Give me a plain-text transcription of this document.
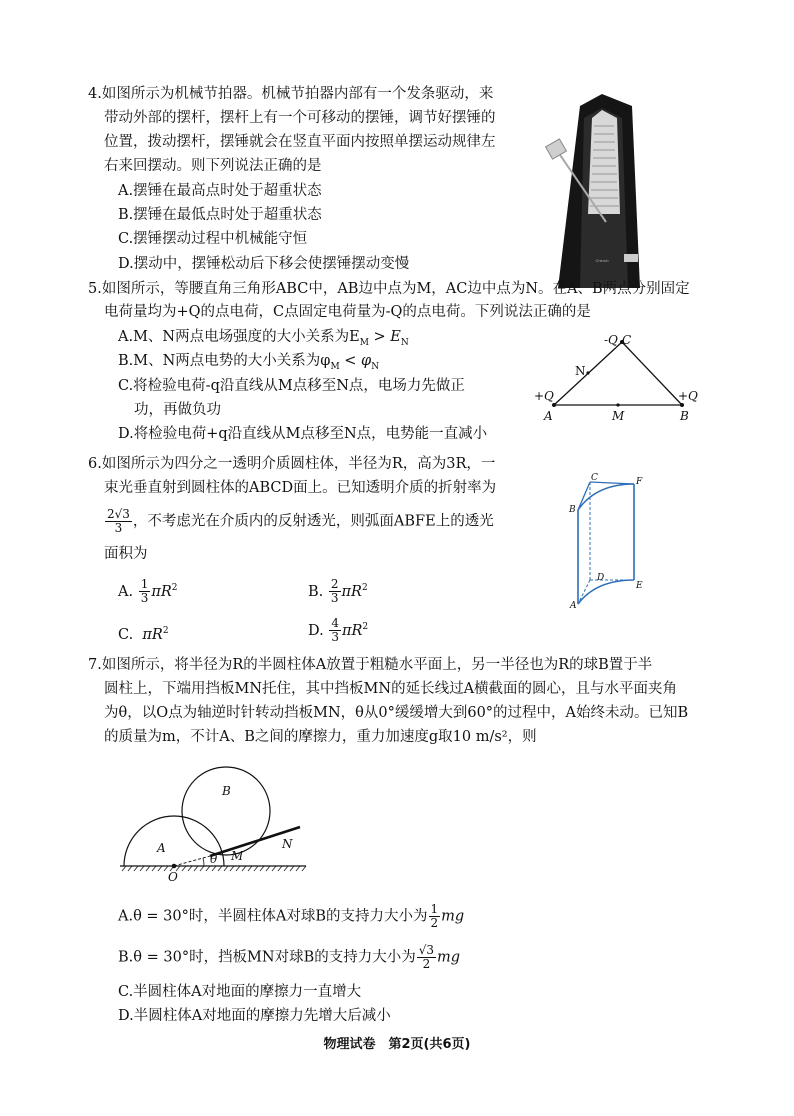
4.如图所示为机械节拍器。机械节拍器内部有一个发条驱动，来
带动外部的摆杆，摆杆上有一个可移动的摆锤，调节好摆锤的
位置，拨动摆杆，摆锤就会在竖直平面内按照单摆运动规律左
右来回摆动。则下列说法正确的是
A.摆锤在最高点时处于超重状态
B.摆锤在最低点时处于超重状态
C.摆锤摆动过程中机械能守恒
D.摆动中，摆锤松动后下移会使摆锤摆动变慢	Cherub
5.如图所示，等腰直角三角形ABC中，AB边中点为M，AC边中点为N。在A、B两点分别固定
电荷量均为+Q的点电荷，C点固定电荷量为-Q的点电荷。下列说法正确的是
A.M、N两点电场强度的大小关系为$E_M > E_N$
B.M、N两点电势的大小关系为$\varphi_M < \varphi_N$
C.将检验电荷-q沿直线从M点移至N点，电场力先做正
功，再做负功
D.将检验电荷+q沿直线从M点移至N点，电势能一直减小
-Q C
N
+Q
A	M
+Q
B
6.如图所示为四分之一透明介质圆柱体，半径为R，高为3R，一
束光垂直射到圆柱体的ABCD面上。已知透明介质的折射率为
$\frac{2√3}{3}$ ，不考虑光在介质内的反射透光，则弧面ABFE上的透光
面积为
A. $\frac{1}{3} \pi R^2$	B. $\frac{2}{3} \pi R^2$
C.  $\pi R^2$	D. $\frac{4}{3} \pi R^2$
C	F
B
D
E
A
7.如图所示，将半径为R的半圆柱体A放置于粗糙水平面上，另一半径也为R的球B置于半
圆柱上，下端用挡板MN托住，其中挡板MN的延长线过A横截面的圆心，且与水平面夹角
为θ，以O点为轴逆时针转动挡板MN，θ从0°缓缓增大到60°的过程中，A始终未动。已知B
的质量为m，不计A、B之间的摩擦力，重力加速度g取10 m/s²，则
A
B
O
θ M
N
A.θ = 30°时，半圆柱体A对球B的支持力大小为 $\frac{1}{2}$ mg
B.θ = 30°时，挡板MN对球B的支持力大小为 $\frac{√3}{2}$ mg
C.半圆柱体A对地面的摩擦力一直增大
D.半圆柱体A对地面的摩擦力先增大后减小
物理试卷　第2页(共6页)
